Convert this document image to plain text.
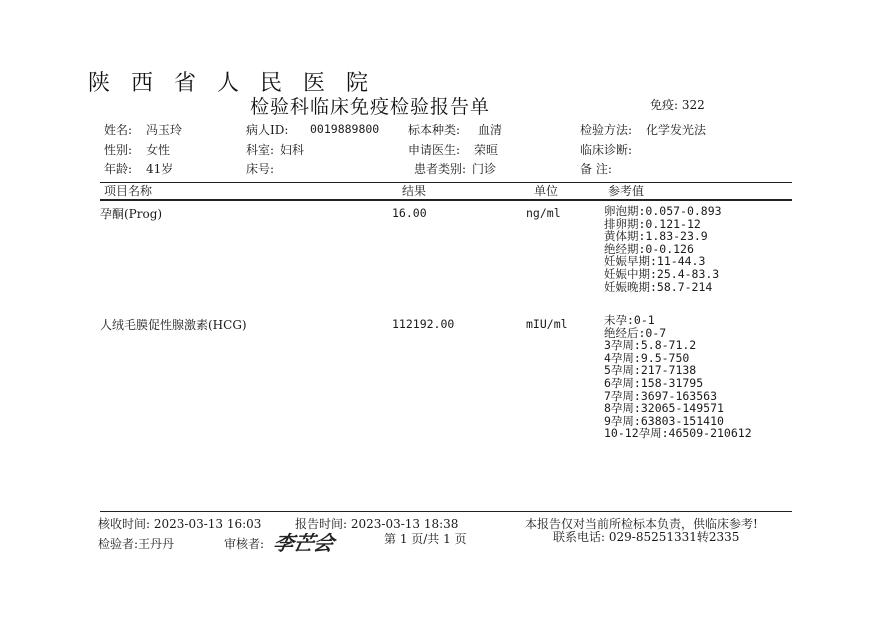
陕西省人民医院
检验科临床免疫检验报告单	免疫: 322
姓名: 冯玉玲	病人ID: 0019889800 标本种类: 血清	检验方法: 化学发光法
性别: 女性	科室: 妇科	申请医生: 荣晅	临床诊断:
年龄: 41岁	床号:	患者类别: 门诊	备 注:
项目名称	结果	单位	参考值
孕酮(Prog)	16.00	ng/ml	卵泡期:0.057-0.893
排卵期:0.121-12
黄体期:1.83-23.9
绝经期:0-0.126
妊娠早期:11-44.3
妊娠中期:25.4-83.3
妊娠晚期:58.7-214
人绒毛膜促性腺激素(HCG)	112192.00	mIU/ml	未孕:0-1
绝经后:0-7
3孕周:5.8-71.2
4孕周:9.5-750
5孕周:217-7138
6孕周:158-31795
7孕周:3697-163563
8孕周:32065-149571
9孕周:63803-151410
10-12孕周:46509-210612
核收时间: 2023-03-13 16:03	报告时间: 2023-03-13 18:38	本报告仅对当前所检标本负责，供临床参考!
检验者:王丹丹	审核者: 李芒会	第 1 页/共 1 页	联系电话: 029-85251331转2335
